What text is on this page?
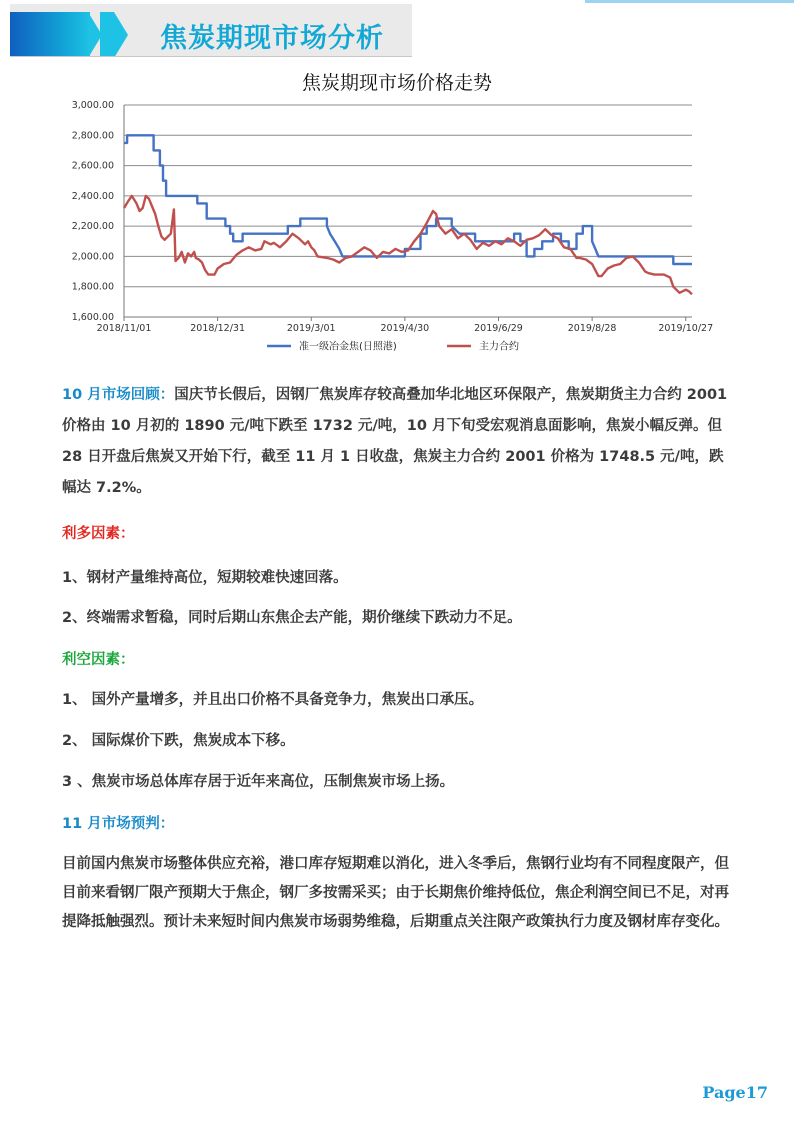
焦炭期现市场分析
焦炭期现市场价格走势
1,600.00
1,800.00
2,000.00
2,200.00
2,400.00
2,600.00
2,800.00
3,000.00
2018/11/01	2018/12/31	2019/3/01	2019/4/30	2019/6/29	2019/8/28	2019/10/27
准一级冶金焦(日照港)	主力合约

10 月市场回顾：国庆节长假后，因钢厂焦炭库存较高叠加华北地区环保限产，焦炭期货主力合约 2001 价格由 10 月初的 1890 元/吨下跌至 1732 元/吨，10 月下旬受宏观消息面影响，焦炭小幅反弹。但 28 日开盘后焦炭又开始下行，截至 11 月 1 日收盘，焦炭主力合约 2001 价格为 1748.5 元/吨，跌幅达 7.2%。

利多因素：

1、钢材产量维持高位，短期较难快速回落。

2、终端需求暂稳，同时后期山东焦企去产能，期价继续下跌动力不足。

利空因素：

1、 国外产量增多，并且出口价格不具备竞争力，焦炭出口承压。

2、 国际煤价下跌，焦炭成本下移。

3 、焦炭市场总体库存居于近年来高位，压制焦炭市场上扬。

11 月市场预判：

目前国内焦炭市场整体供应充裕，港口库存短期难以消化，进入冬季后，焦钢行业均有不同程度限产，但目前来看钢厂限产预期大于焦企，钢厂多按需采买；由于长期焦价维持低位，焦企利润空间已不足，对再提降抵触强烈。预计未来短时间内焦炭市场弱势维稳，后期重点关注限产政策执行力度及钢材库存变化。

Page17
